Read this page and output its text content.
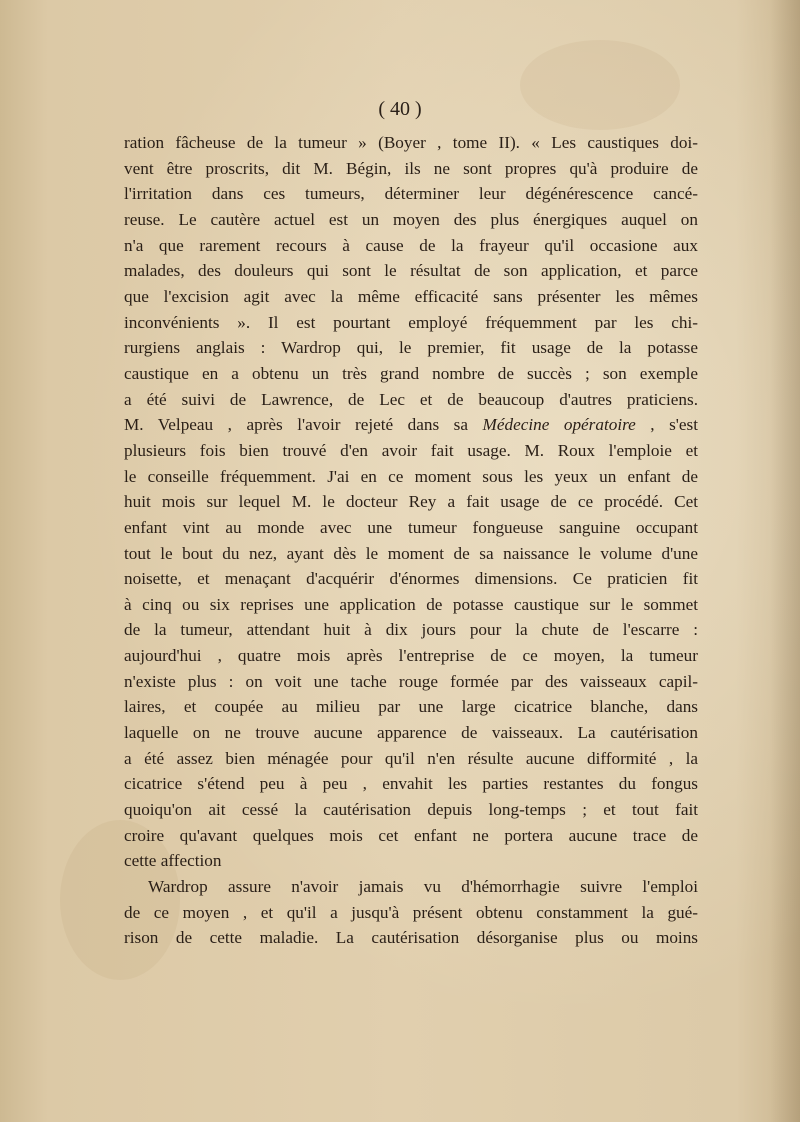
( 40 )
ration fâcheuse de la tumeur » (Boyer , tome II). « Les caustiques doi-
vent être proscrits, dit M. Bégin, ils ne sont propres qu'à produire de
l'irritation dans ces tumeurs, déterminer leur dégénérescence cancé-
reuse. Le cautère actuel est un moyen des plus énergiques auquel on
n'a que rarement recours à cause de la frayeur qu'il occasione aux
malades, des douleurs qui sont le résultat de son application, et parce
que l'excision agit avec la même efficacité sans présenter les mêmes
inconvénients ». Il est pourtant employé fréquemment par les chi-
rurgiens anglais : Wardrop qui, le premier, fit usage de la potasse
caustique en a obtenu un très grand nombre de succès ; son exemple
a été suivi de Lawrence, de Lec et de beaucoup d'autres praticiens.
M. Velpeau , après l'avoir rejeté dans sa Médecine opératoire , s'est
plusieurs fois bien trouvé d'en avoir fait usage. M. Roux l'emploie et
le conseille fréquemment. J'ai en ce moment sous les yeux un enfant de
huit mois sur lequel M. le docteur Rey a fait usage de ce procédé. Cet
enfant vint au monde avec une tumeur fongueuse sanguine occupant
tout le bout du nez, ayant dès le moment de sa naissance le volume d'une
noisette, et menaçant d'acquérir d'énormes dimensions. Ce praticien fit
à cinq ou six reprises une application de potasse caustique sur le sommet
de la tumeur, attendant huit à dix jours pour la chute de l'escarre :
aujourd'hui , quatre mois après l'entreprise de ce moyen, la tumeur
n'existe plus : on voit une tache rouge formée par des vaisseaux capil-
laires, et coupée au milieu par une large cicatrice blanche, dans
laquelle on ne trouve aucune apparence de vaisseaux. La cautérisation
a été assez bien ménagée pour qu'il n'en résulte aucune difformité , la
cicatrice s'étend peu à peu , envahit les parties restantes du fongus
quoiqu'on ait cessé la cautérisation depuis long-temps ; et tout fait
croire qu'avant quelques mois cet enfant ne portera aucune trace de
cette affection
Wardrop assure n'avoir jamais vu d'hémorrhagie suivre l'emploi
de ce moyen , et qu'il a jusqu'à présent obtenu constamment la gué-
rison de cette maladie. La cautérisation désorganise plus ou moins
